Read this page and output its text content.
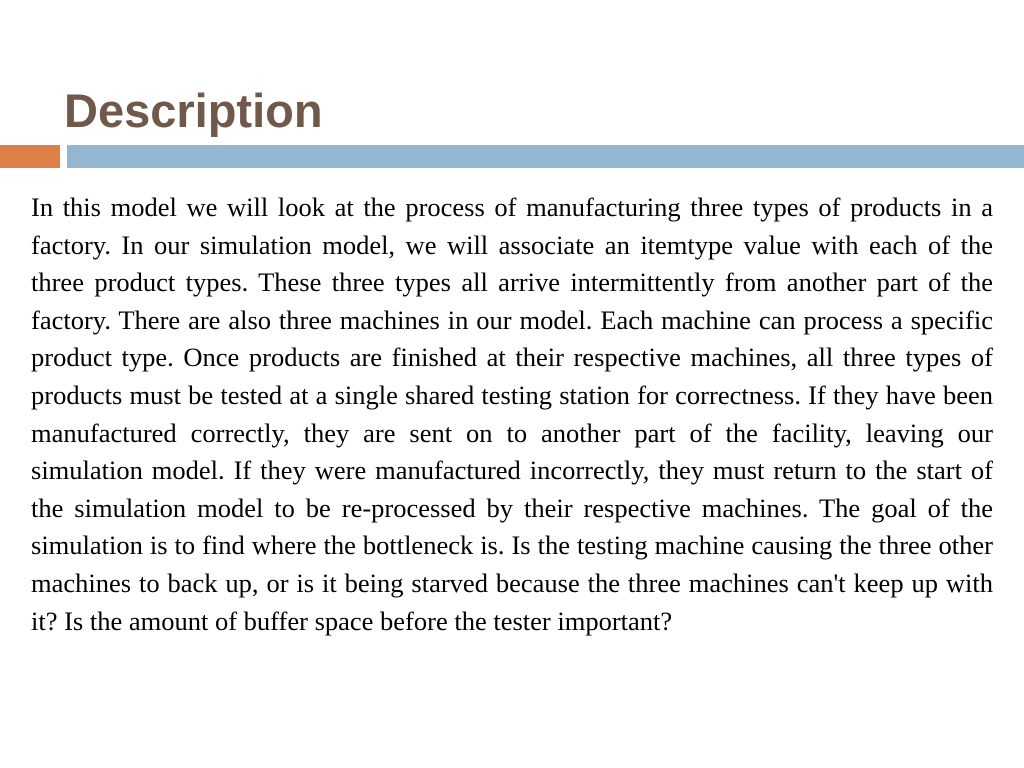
Description

In this model we will look at the process of manufacturing three types of products in a factory. In our simulation model, we will associate an itemtype value with each of the three product types. These three types all arrive intermittently from another part of the factory. There are also three machines in our model. Each machine can process a specific product type. Once products are finished at their respective machines, all three types of products must be tested at a single shared testing station for correctness. If they have been manufactured correctly, they are sent on to another part of the facility, leaving our simulation model. If they were manufactured incorrectly, they must return to the start of the simulation model to be re-processed by their respective machines. The goal of the simulation is to find where the bottleneck is. Is the testing machine causing the three other machines to back up, or is it being starved because the three machines can't keep up with it? Is the amount of buffer space before the tester important?
